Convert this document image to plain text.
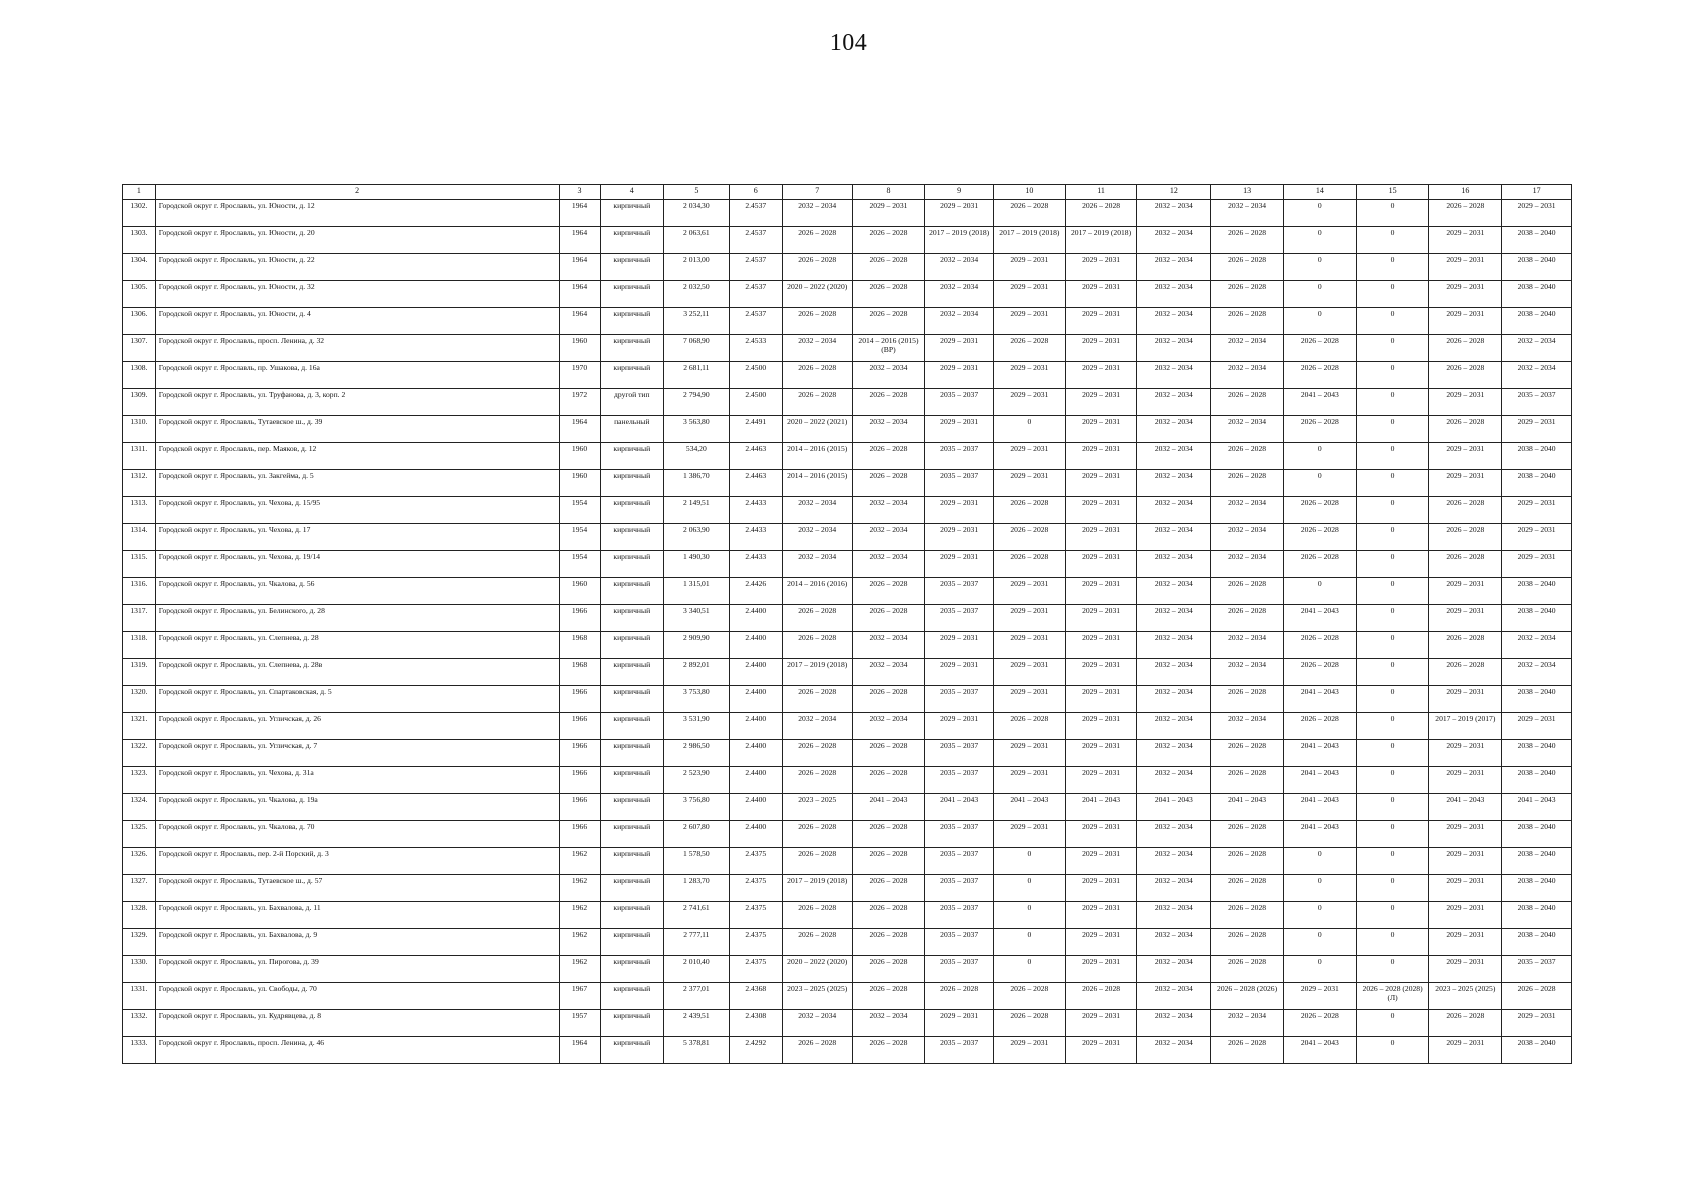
104
1	2	3	4	5	6	7	8	9	10	11	12	13	14	15	16	17
1302.	Городской округ г. Ярославль, ул. Юности, д. 12	1964	кирпичный	2 034,30	2.4537	2032 – 2034	2029 – 2031	2029 – 2031	2026 – 2028	2026 – 2028	2032 – 2034	2032 – 2034	0	0	2026 – 2028	2029 – 2031
1303.	Городской округ г. Ярославль, ул. Юности, д. 20	1964	кирпичный	2 063,61	2.4537	2026 – 2028	2026 – 2028	2017 – 2019 (2018)	2017 – 2019 (2018)	2017 – 2019 (2018)	2032 – 2034	2026 – 2028	0	0	2029 – 2031	2038 – 2040
1304.	Городской округ г. Ярославль, ул. Юности, д. 22	1964	кирпичный	2 013,00	2.4537	2026 – 2028	2026 – 2028	2032 – 2034	2029 – 2031	2029 – 2031	2032 – 2034	2026 – 2028	0	0	2029 – 2031	2038 – 2040
1305.	Городской округ г. Ярославль, ул. Юности, д. 32	1964	кирпичный	2 032,50	2.4537	2020 – 2022 (2020)	2026 – 2028	2032 – 2034	2029 – 2031	2029 – 2031	2032 – 2034	2026 – 2028	0	0	2029 – 2031	2038 – 2040
1306.	Городской округ г. Ярославль, ул. Юности, д. 4	1964	кирпичный	3 252,11	2.4537	2026 – 2028	2026 – 2028	2032 – 2034	2029 – 2031	2029 – 2031	2032 – 2034	2026 – 2028	0	0	2029 – 2031	2038 – 2040
1307.	Городской округ г. Ярославль, просп. Ленина, д. 32	1960	кирпичный	7 068,90	2.4533	2032 – 2034	2014 – 2016 (2015) (ВР)	2029 – 2031	2026 – 2028	2029 – 2031	2032 – 2034	2032 – 2034	2026 – 2028	0	2026 – 2028	2032 – 2034
1308.	Городской округ г. Ярославль, пр. Ушакова, д. 16а	1970	кирпичный	2 681,11	2.4500	2026 – 2028	2032 – 2034	2029 – 2031	2029 – 2031	2029 – 2031	2032 – 2034	2032 – 2034	2026 – 2028	0	2026 – 2028	2032 – 2034
1309.	Городской округ г. Ярославль, ул. Труфанова, д. 3, корп. 2	1972	другой тип	2 794,90	2.4500	2026 – 2028	2026 – 2028	2035 – 2037	2029 – 2031	2029 – 2031	2032 – 2034	2026 – 2028	2041 – 2043	0	2029 – 2031	2035 – 2037
1310.	Городской округ г. Ярославль, Тутаевское ш., д. 39	1964	панельный	3 563,80	2.4491	2020 – 2022 (2021)	2032 – 2034	2029 – 2031	0	2029 – 2031	2032 – 2034	2032 – 2034	2026 – 2028	0	2026 – 2028	2029 – 2031
1311.	Городской округ г. Ярославль, пер. Маяков, д. 12	1960	кирпичный	534,20	2.4463	2014 – 2016 (2015)	2026 – 2028	2035 – 2037	2029 – 2031	2029 – 2031	2032 – 2034	2026 – 2028	0	0	2029 – 2031	2038 – 2040
1312.	Городской округ г. Ярославль, ул. Закгейма, д. 5	1960	кирпичный	1 386,70	2.4463	2014 – 2016 (2015)	2026 – 2028	2035 – 2037	2029 – 2031	2029 – 2031	2032 – 2034	2026 – 2028	0	0	2029 – 2031	2038 – 2040
1313.	Городской округ г. Ярославль, ул. Чехова, д. 15/95	1954	кирпичный	2 149,51	2.4433	2032 – 2034	2032 – 2034	2029 – 2031	2026 – 2028	2029 – 2031	2032 – 2034	2032 – 2034	2026 – 2028	0	2026 – 2028	2029 – 2031
1314.	Городской округ г. Ярославль, ул. Чехова, д. 17	1954	кирпичный	2 063,90	2.4433	2032 – 2034	2032 – 2034	2029 – 2031	2026 – 2028	2029 – 2031	2032 – 2034	2032 – 2034	2026 – 2028	0	2026 – 2028	2029 – 2031
1315.	Городской округ г. Ярославль, ул. Чехова, д. 19/14	1954	кирпичный	1 490,30	2.4433	2032 – 2034	2032 – 2034	2029 – 2031	2026 – 2028	2029 – 2031	2032 – 2034	2032 – 2034	2026 – 2028	0	2026 – 2028	2029 – 2031
1316.	Городской округ г. Ярославль, ул. Чкалова, д. 56	1960	кирпичный	1 315,01	2.4426	2014 – 2016 (2016)	2026 – 2028	2035 – 2037	2029 – 2031	2029 – 2031	2032 – 2034	2026 – 2028	0	0	2029 – 2031	2038 – 2040
1317.	Городской округ г. Ярославль, ул. Белинского, д. 28	1966	кирпичный	3 340,51	2.4400	2026 – 2028	2026 – 2028	2035 – 2037	2029 – 2031	2029 – 2031	2032 – 2034	2026 – 2028	2041 – 2043	0	2029 – 2031	2038 – 2040
1318.	Городской округ г. Ярославль, ул. Слепнева, д. 28	1968	кирпичный	2 909,90	2.4400	2026 – 2028	2032 – 2034	2029 – 2031	2029 – 2031	2029 – 2031	2032 – 2034	2032 – 2034	2026 – 2028	0	2026 – 2028	2032 – 2034
1319.	Городской округ г. Ярославль, ул. Слепнева, д. 28в	1968	кирпичный	2 892,01	2.4400	2017 – 2019 (2018)	2032 – 2034	2029 – 2031	2029 – 2031	2029 – 2031	2032 – 2034	2032 – 2034	2026 – 2028	0	2026 – 2028	2032 – 2034
1320.	Городской округ г. Ярославль, ул. Спартаковская, д. 5	1966	кирпичный	3 753,80	2.4400	2026 – 2028	2026 – 2028	2035 – 2037	2029 – 2031	2029 – 2031	2032 – 2034	2026 – 2028	2041 – 2043	0	2029 – 2031	2038 – 2040
1321.	Городской округ г. Ярославль, ул. Угличская, д. 26	1966	кирпичный	3 531,90	2.4400	2032 – 2034	2032 – 2034	2029 – 2031	2026 – 2028	2029 – 2031	2032 – 2034	2032 – 2034	2026 – 2028	0	2017 – 2019 (2017)	2029 – 2031
1322.	Городской округ г. Ярославль, ул. Угличская, д. 7	1966	кирпичный	2 986,50	2.4400	2026 – 2028	2026 – 2028	2035 – 2037	2029 – 2031	2029 – 2031	2032 – 2034	2026 – 2028	2041 – 2043	0	2029 – 2031	2038 – 2040
1323.	Городской округ г. Ярославль, ул. Чехова, д. 31а	1966	кирпичный	2 523,90	2.4400	2026 – 2028	2026 – 2028	2035 – 2037	2029 – 2031	2029 – 2031	2032 – 2034	2026 – 2028	2041 – 2043	0	2029 – 2031	2038 – 2040
1324.	Городской округ г. Ярославль, ул. Чкалова, д. 19а	1966	кирпичный	3 756,80	2.4400	2023 – 2025	2041 – 2043	2041 – 2043	2041 – 2043	2041 – 2043	2041 – 2043	2041 – 2043	2041 – 2043	0	2041 – 2043	2041 – 2043
1325.	Городской округ г. Ярославль, ул. Чкалова, д. 70	1966	кирпичный	2 607,80	2.4400	2026 – 2028	2026 – 2028	2035 – 2037	2029 – 2031	2029 – 2031	2032 – 2034	2026 – 2028	2041 – 2043	0	2029 – 2031	2038 – 2040
1326.	Городской округ г. Ярославль, пер. 2-й Порский, д. 3	1962	кирпичный	1 578,50	2.4375	2026 – 2028	2026 – 2028	2035 – 2037	0	2029 – 2031	2032 – 2034	2026 – 2028	0	0	2029 – 2031	2038 – 2040
1327.	Городской округ г. Ярославль, Тутаевское ш., д. 57	1962	кирпичный	1 283,70	2.4375	2017 – 2019 (2018)	2026 – 2028	2035 – 2037	0	2029 – 2031	2032 – 2034	2026 – 2028	0	0	2029 – 2031	2038 – 2040
1328.	Городской округ г. Ярославль, ул. Бахвалова, д. 11	1962	кирпичный	2 741,61	2.4375	2026 – 2028	2026 – 2028	2035 – 2037	0	2029 – 2031	2032 – 2034	2026 – 2028	0	0	2029 – 2031	2038 – 2040
1329.	Городской округ г. Ярославль, ул. Бахвалова, д. 9	1962	кирпичный	2 777,11	2.4375	2026 – 2028	2026 – 2028	2035 – 2037	0	2029 – 2031	2032 – 2034	2026 – 2028	0	0	2029 – 2031	2038 – 2040
1330.	Городской округ г. Ярославль, ул. Пирогова, д. 39	1962	кирпичный	2 010,40	2.4375	2020 – 2022 (2020)	2026 – 2028	2035 – 2037	0	2029 – 2031	2032 – 2034	2026 – 2028	0	0	2029 – 2031	2035 – 2037
1331.	Городской округ г. Ярославль, ул. Свободы, д. 70	1967	кирпичный	2 377,01	2.4368	2023 – 2025 (2025)	2026 – 2028	2026 – 2028	2026 – 2028	2026 – 2028	2032 – 2034	2026 – 2028 (2026)	2029 – 2031	2026 – 2028 (2028) (Л)	2023 – 2025 (2025)	2026 – 2028
1332.	Городской округ г. Ярославль, ул. Кудрявцева, д. 8	1957	кирпичный	2 439,51	2.4308	2032 – 2034	2032 – 2034	2029 – 2031	2026 – 2028	2029 – 2031	2032 – 2034	2032 – 2034	2026 – 2028	0	2026 – 2028	2029 – 2031
1333.	Городской округ г. Ярославль, просп. Ленина, д. 46	1964	кирпичный	5 378,81	2.4292	2026 – 2028	2026 – 2028	2035 – 2037	2029 – 2031	2029 – 2031	2032 – 2034	2026 – 2028	2041 – 2043	0	2029 – 2031	2038 – 2040
